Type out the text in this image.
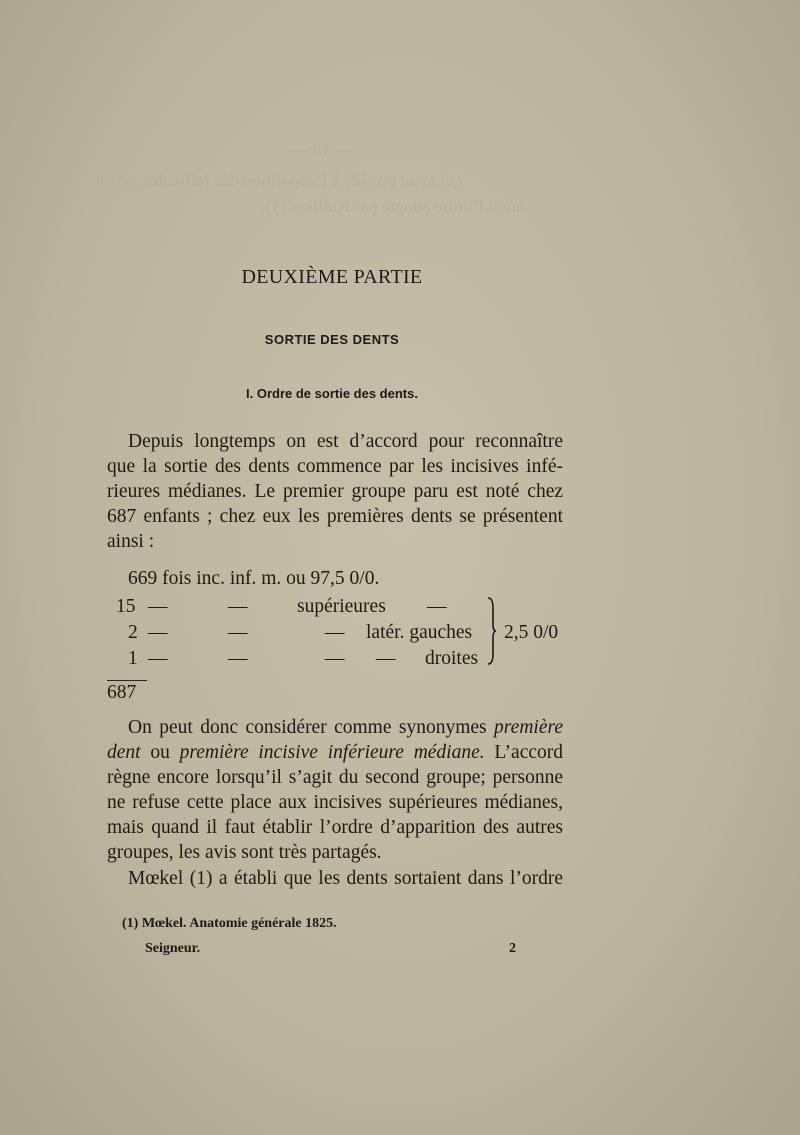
— 18 —
qui avait présidé à l’apparition des follicules ; c’est
aussi l’ordre adopté par Kolliker (1).
DEUXIÈME PARTIE
SORTIE DES DENTS
I. Ordre de sortie des dents.
Depuis longtemps on est d’accord pour reconnaître
que la sortie des dents commence par les incisives infé-
rieures médianes. Le premier groupe paru est noté chez
687 enfants ; chez eux les premières dents se présentent
ainsi :
669 fois inc. inf. m. ou 97,5 0/0.
15 —	—	supérieures —
2 —	—	— latér. gauches
1 —	—	— — droites
2,5 0/0
687
On peut donc considérer comme synonymes première
dent ou première incisive inférieure médiane. L’accord
règne encore lorsqu’il s’agit du second groupe; personne
ne refuse cette place aux incisives supérieures médianes,
mais quand il faut établir l’ordre d’apparition des autres
groupes, les avis sont très partagés.
Mœkel (1) a établi que les dents sortaient dans l’ordre
(1) Mœkel. Anatomie générale 1825.
Seigneur.	2
